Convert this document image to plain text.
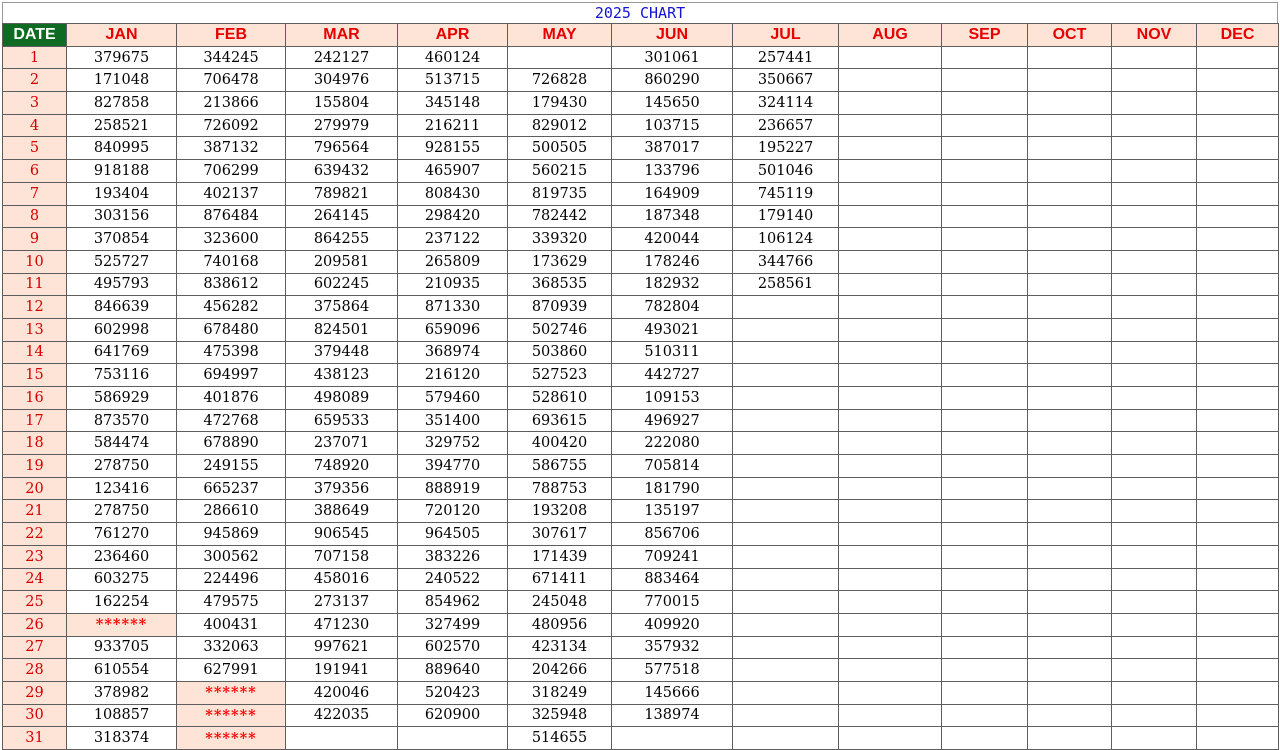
2025 CHART
DATE	JAN	FEB	MAR	APR	MAY	JUN	JUL	AUG	SEP	OCT	NOV	DEC
1	379675	344245	242127	460124		301061	257441					
2	171048	706478	304976	513715	726828	860290	350667					
3	827858	213866	155804	345148	179430	145650	324114					
4	258521	726092	279979	216211	829012	103715	236657					
5	840995	387132	796564	928155	500505	387017	195227					
6	918188	706299	639432	465907	560215	133796	501046					
7	193404	402137	789821	808430	819735	164909	745119					
8	303156	876484	264145	298420	782442	187348	179140					
9	370854	323600	864255	237122	339320	420044	106124					
10	525727	740168	209581	265809	173629	178246	344766					
11	495793	838612	602245	210935	368535	182932	258561					
12	846639	456282	375864	871330	870939	782804						
13	602998	678480	824501	659096	502746	493021						
14	641769	475398	379448	368974	503860	510311						
15	753116	694997	438123	216120	527523	442727						
16	586929	401876	498089	579460	528610	109153						
17	873570	472768	659533	351400	693615	496927						
18	584474	678890	237071	329752	400420	222080						
19	278750	249155	748920	394770	586755	705814						
20	123416	665237	379356	888919	788753	181790						
21	278750	286610	388649	720120	193208	135197						
22	761270	945869	906545	964505	307617	856706						
23	236460	300562	707158	383226	171439	709241						
24	603275	224496	458016	240522	671411	883464						
25	162254	479575	273137	854962	245048	770015						
26	******	400431	471230	327499	480956	409920						
27	933705	332063	997621	602570	423134	357932						
28	610554	627991	191941	889640	204266	577518						
29	378982	******	420046	520423	318249	145666						
30	108857	******	422035	620900	325948	138974						
31	318374	******			514655							
